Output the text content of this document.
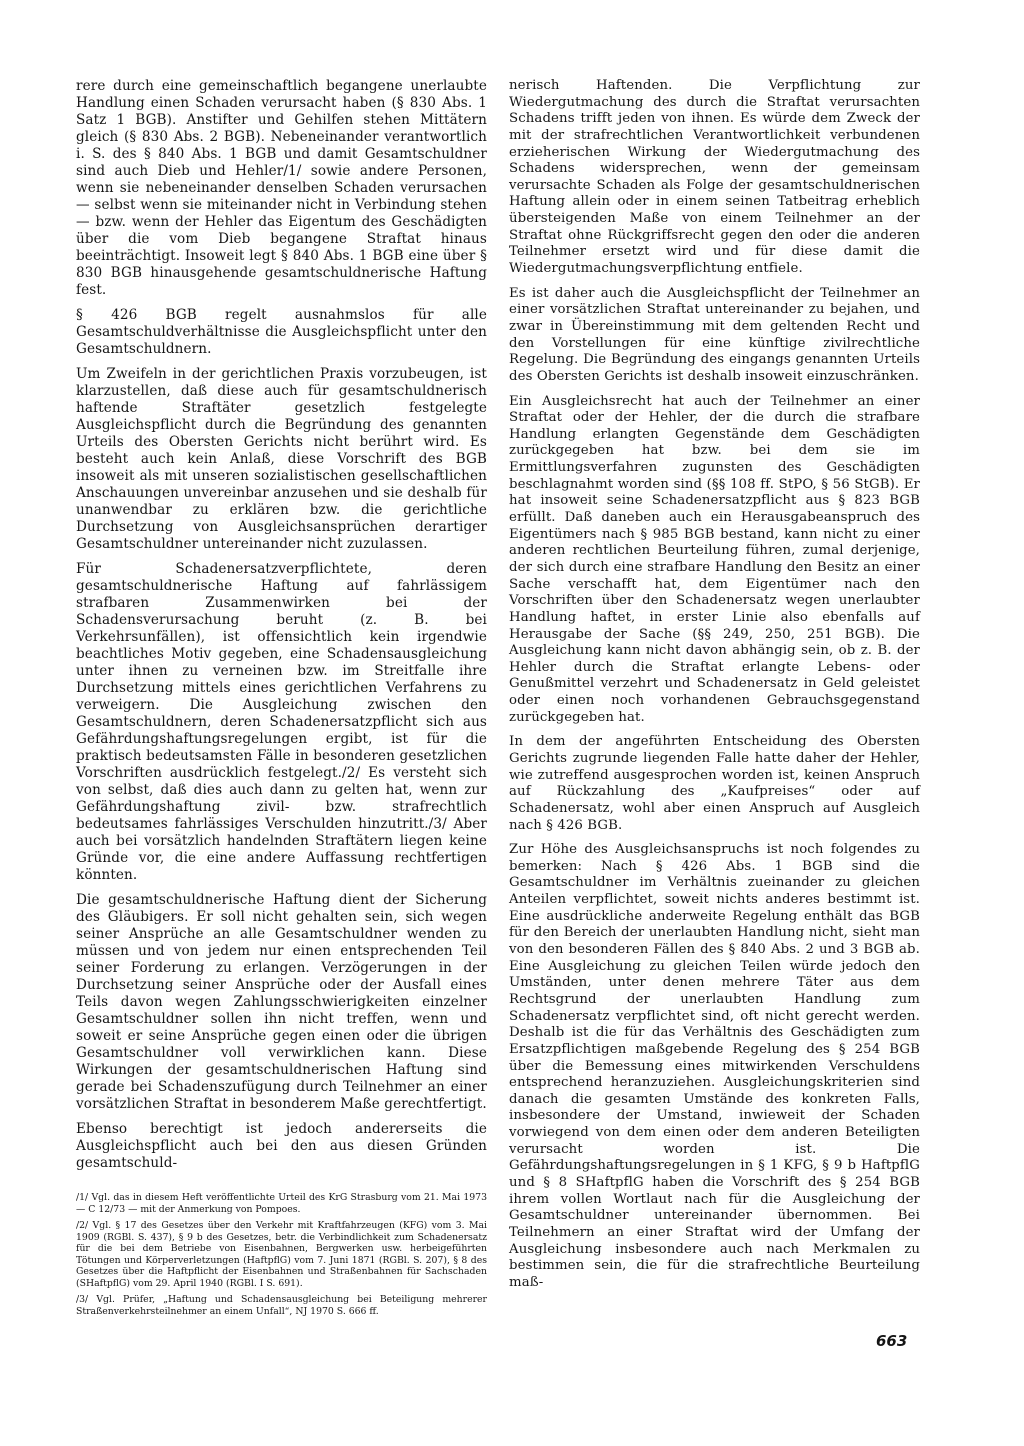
rere durch eine gemeinschaftlich begangene unerlaubte Handlung einen Schaden verursacht haben (§ 830 Abs. 1 Satz 1 BGB). Anstifter und Gehilfen stehen Mittätern gleich (§ 830 Abs. 2 BGB). Nebeneinander verantwortlich i. S. des § 840 Abs. 1 BGB und damit Gesamtschuldner sind auch Dieb und Hehler/1/ sowie andere Personen, wenn sie nebeneinander denselben Schaden verursachen — selbst wenn sie miteinander nicht in Verbindung stehen — bzw. wenn der Hehler das Eigentum des Geschädigten über die vom Dieb begangene Straftat hinaus beeinträchtigt. Insoweit legt § 840 Abs. 1 BGB eine über § 830 BGB hinausgehende gesamtschuldnerische Haftung fest.

§ 426 BGB regelt ausnahmslos für alle Gesamtschuldverhältnisse die Ausgleichspflicht unter den Gesamtschuldnern.

Um Zweifeln in der gerichtlichen Praxis vorzubeugen, ist klarzustellen, daß diese auch für gesamtschuldnerisch haftende Straftäter gesetzlich festgelegte Ausgleichspflicht durch die Begründung des genannten Urteils des Obersten Gerichts nicht berührt wird. Es besteht auch kein Anlaß, diese Vorschrift des BGB insoweit als mit unseren sozialistischen gesellschaftlichen Anschauungen unvereinbar anzusehen und sie deshalb für unanwendbar zu erklären bzw. die gerichtliche Durchsetzung von Ausgleichsansprüchen derartiger Gesamtschuldner untereinander nicht zuzulassen.

Für Schadenersatzverpflichtete, deren gesamtschuldnerische Haftung auf fahrlässigem strafbaren Zusammenwirken bei der Schadensverursachung beruht (z. B. bei Verkehrsunfällen), ist offensichtlich kein irgendwie beachtliches Motiv gegeben, eine Schadensausgleichung unter ihnen zu verneinen bzw. im Streitfalle ihre Durchsetzung mittels eines gerichtlichen Verfahrens zu verweigern. Die Ausgleichung zwischen den Gesamtschuldnern, deren Schadenersatzpflicht sich aus Gefährdungshaftungsregelungen ergibt, ist für die praktisch bedeutsamsten Fälle in besonderen gesetzlichen Vorschriften ausdrücklich festgelegt./2/ Es versteht sich von selbst, daß dies auch dann zu gelten hat, wenn zur Gefährdungshaftung zivil- bzw. strafrechtlich bedeutsames fahrlässiges Verschulden hinzutritt./3/ Aber auch bei vorsätzlich handelnden Straftätern liegen keine Gründe vor, die eine andere Auffassung rechtfertigen könnten.

Die gesamtschuldnerische Haftung dient der Sicherung des Gläubigers. Er soll nicht gehalten sein, sich wegen seiner Ansprüche an alle Gesamtschuldner wenden zu müssen und von jedem nur einen entsprechenden Teil seiner Forderung zu erlangen. Verzögerungen in der Durchsetzung seiner Ansprüche oder der Ausfall eines Teils davon wegen Zahlungsschwierigkeiten einzelner Gesamtschuldner sollen ihn nicht treffen, wenn und soweit er seine Ansprüche gegen einen oder die übrigen Gesamtschuldner voll verwirklichen kann. Diese Wirkungen der gesamtschuldnerischen Haftung sind gerade bei Schadenszufügung durch Teilnehmer an einer vorsätzlichen Straftat in besonderem Maße gerechtfertigt.

Ebenso berechtigt ist jedoch andererseits die Ausgleichspflicht auch bei den aus diesen Gründen gesamtschuld-

/1/ Vgl. das in diesem Heft veröffentlichte Urteil des KrG Strasburg vom 21. Mai 1973 — C 12/73 — mit der Anmerkung von Pompoes.

/2/ Vgl. § 17 des Gesetzes über den Verkehr mit Kraftfahrzeugen (KFG) vom 3. Mai 1909 (RGBl. S. 437), § 9 b des Gesetzes, betr. die Verbindlichkeit zum Schadenersatz für die bei dem Betriebe von Eisenbahnen, Bergwerken usw. herbeigeführten Tötungen und Körperverletzungen (HaftpflG) vom 7. Juni 1871 (RGBl. S. 207), § 8 des Gesetzes über die Haftpflicht der Eisenbahnen und Straßenbahnen für Sachschaden (SHaftpflG) vom 29. April 1940 (RGBl. I S. 691).

/3/ Vgl. Prüfer, „Haftung und Schadensausgleichung bei Beteiligung mehrerer Straßenverkehrsteilnehmer an einem Unfall“, NJ 1970 S. 666 ff.

nerisch Haftenden. Die Verpflichtung zur Wiedergutmachung des durch die Straftat verursachten Schadens trifft jeden von ihnen. Es würde dem Zweck der mit der strafrechtlichen Verantwortlichkeit verbundenen erzieherischen Wirkung der Wiedergutmachung des Schadens widersprechen, wenn der gemeinsam verursachte Schaden als Folge der gesamtschuldnerischen Haftung allein oder in einem seinen Tatbeitrag erheblich übersteigenden Maße von einem Teilnehmer an der Straftat ohne Rückgriffsrecht gegen den oder die anderen Teilnehmer ersetzt wird und für diese damit die Wiedergutmachungsverpflichtung entfiele.

Es ist daher auch die Ausgleichspflicht der Teilnehmer an einer vorsätzlichen Straftat untereinander zu bejahen, und zwar in Übereinstimmung mit dem geltenden Recht und den Vorstellungen für eine künftige zivilrechtliche Regelung. Die Begründung des eingangs genannten Urteils des Obersten Gerichts ist deshalb insoweit einzuschränken.

Ein Ausgleichsrecht hat auch der Teilnehmer an einer Straftat oder der Hehler, der die durch die strafbare Handlung erlangten Gegenstände dem Geschädigten zurückgegeben hat bzw. bei dem sie im Ermittlungsverfahren zugunsten des Geschädigten beschlagnahmt worden sind (§§ 108 ff. StPO, § 56 StGB). Er hat insoweit seine Schadenersatzpflicht aus § 823 BGB erfüllt. Daß daneben auch ein Herausgabeanspruch des Eigentümers nach § 985 BGB bestand, kann nicht zu einer anderen rechtlichen Beurteilung führen, zumal derjenige, der sich durch eine strafbare Handlung den Besitz an einer Sache verschafft hat, dem Eigentümer nach den Vorschriften über den Schadenersatz wegen unerlaubter Handlung haftet, in erster Linie also ebenfalls auf Herausgabe der Sache (§§ 249, 250, 251 BGB). Die Ausgleichung kann nicht davon abhängig sein, ob z. B. der Hehler durch die Straftat erlangte Lebens- oder Genußmittel verzehrt und Schadenersatz in Geld geleistet oder einen noch vorhandenen Gebrauchsgegenstand zurückgegeben hat.

In dem der angeführten Entscheidung des Obersten Gerichts zugrunde liegenden Falle hatte daher der Hehler, wie zutreffend ausgesprochen worden ist, keinen Anspruch auf Rückzahlung des „Kaufpreises“ oder auf Schadenersatz, wohl aber einen Anspruch auf Ausgleich nach § 426 BGB.

Zur Höhe des Ausgleichsanspruchs ist noch folgendes zu bemerken: Nach § 426 Abs. 1 BGB sind die Gesamtschuldner im Verhältnis zueinander zu gleichen Anteilen verpflichtet, soweit nichts anderes bestimmt ist. Eine ausdrückliche anderweite Regelung enthält das BGB für den Bereich der unerlaubten Handlung nicht, sieht man von den besonderen Fällen des § 840 Abs. 2 und 3 BGB ab. Eine Ausgleichung zu gleichen Teilen würde jedoch den Umständen, unter denen mehrere Täter aus dem Rechtsgrund der unerlaubten Handlung zum Schadenersatz verpflichtet sind, oft nicht gerecht werden. Deshalb ist die für das Verhältnis des Geschädigten zum Ersatzpflichtigen maßgebende Regelung des § 254 BGB über die Bemessung eines mitwirkenden Verschuldens entsprechend heranzuziehen. Ausgleichungskriterien sind danach die gesamten Umstände des konkreten Falls, insbesondere der Umstand, inwieweit der Schaden vorwiegend von dem einen oder dem anderen Beteiligten verursacht worden ist. Die Gefährdungshaftungsregelungen in § 1 KFG, § 9 b HaftpflG und § 8 SHaftpflG haben die Vorschrift des § 254 BGB ihrem vollen Wortlaut nach für die Ausgleichung der Gesamtschuldner untereinander übernommen. Bei Teilnehmern an einer Straftat wird der Umfang der Ausgleichung insbesondere auch nach Merkmalen zu bestimmen sein, die für die strafrechtliche Beurteilung maß-

663
